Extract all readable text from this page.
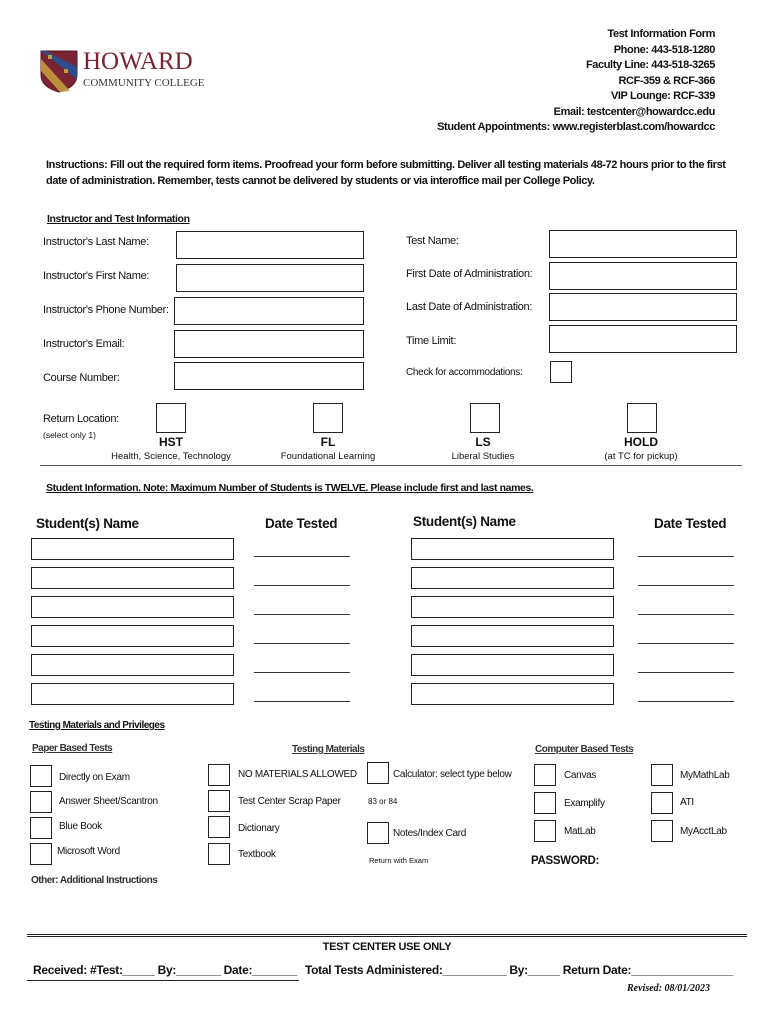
HOWARD
COMMUNITY COLLEGE
Test Information Form
Phone: 443-518-1280
Faculty Line: 443-518-3265
RCF-359 & RCF-366
VIP Lounge: RCF-339
Email: testcenter@howardcc.edu
Student Appointments: www.registerblast.com/howardcc
Instructions: Fill out the required form items. Proofread your form before submitting. Deliver all testing materials 48-72 hours prior to the first date of administration. Remember, tests cannot be delivered by students or via interoffice mail per College Policy.
Instructor and Test Information
Instructor's Last Name:
Instructor's First Name:
Instructor's Phone Number:
Instructor's Email:
Course Number:
Test Name:
First Date of Administration:
Last Date of Administration:
Time Limit:
Check for accommodations:
Return Location:
(select only 1)	HST
Health, Science, Technology
FL
Foundational Learning
LS
Liberal Studies
HOLD
(at TC for pickup)
Student Information. Note: Maximum Number of Students is TWELVE. Please include first and last names.
Student(s) Name	Date Tested	Student(s) Name	Date Tested
Testing Materials and Privileges
Paper Based Tests	Testing Materials	Computer Based Tests
Directly on Exam
Answer Sheet/Scantron
Blue Book
Microsoft Word
NO MATERIALS ALLOWED
Test Center Scrap Paper
Dictionary
Textbook
Calculator: select type below
83 or 84
Notes/Index Card
Return with Exam
Canvas
Examplify
MatLab
PASSWORD:
MyMathLab
ATI
MyAcctLab
Other: Additional Instructions
TEST CENTER USE ONLY
Received: #Test:_____ By:_______ Date:_______ Total Tests Administered:__________ By:_____ Return Date:________________
Revised: 08/01/2023
